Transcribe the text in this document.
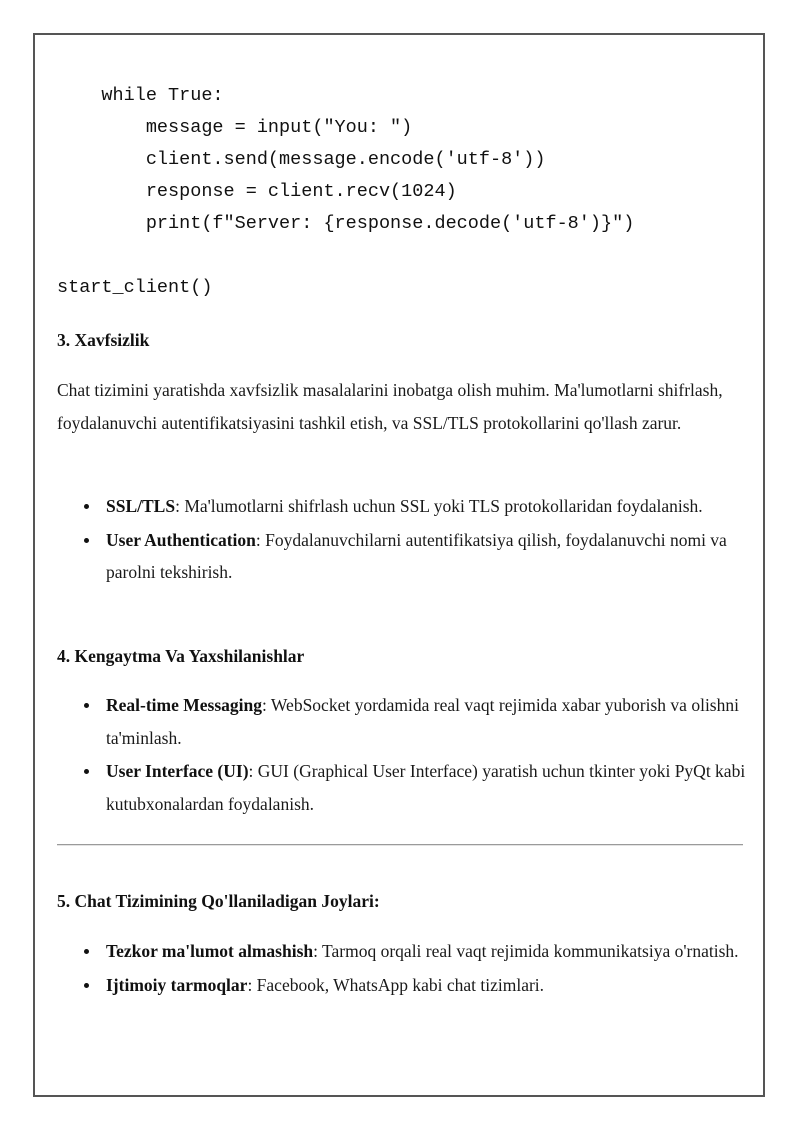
while True:
message = input("You: ")
client.send(message.encode('utf-8'))
response = client.recv(1024)
print(f"Server: {response.decode('utf-8')}")

start_client()
3. Xavfsizlik

Chat tizimini yaratishda xavfsizlik masalalarini inobatga olish muhim. Ma'lumotlarni shifrlash, foydalanuvchi autentifikatsiyasini tashkil etish, va SSL/TLS protokollarini qo'llash zarur.

SSL/TLS: Ma'lumotlarni shifrlash uchun SSL yoki TLS protokollaridan foydalanish.
User Authentication: Foydalanuvchilarni autentifikatsiya qilish, foydalanuvchi nomi va parolni tekshirish.
4. Kengaytma Va Yaxshilanishlar
Real-time Messaging: WebSocket yordamida real vaqt rejimida xabar yuborish va olishni ta'minlash.
User Interface (UI): GUI (Graphical User Interface) yaratish uchun tkinter yoki PyQt kabi kutubxonalardan foydalanish.
5. Chat Tizimining Qo'llaniladigan Joylari:
Tezkor ma'lumot almashish: Tarmoq orqali real vaqt rejimida kommunikatsiya o'rnatish.
Ijtimoiy tarmoqlar: Facebook, WhatsApp kabi chat tizimlari.
